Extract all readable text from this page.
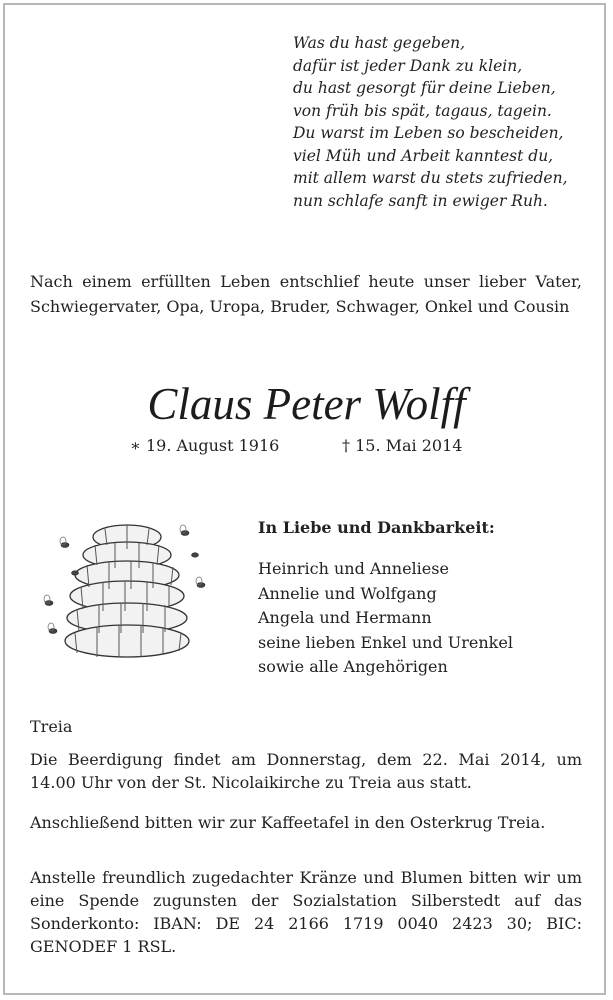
Was du hast gegeben,
dafür ist jeder Dank zu klein,
du hast gesorgt für deine Lieben,
von früh bis spät, tagaus, tagein.
Du warst im Leben so bescheiden,
viel Müh und Arbeit kanntest du,
mit allem warst du stets zufrieden,
nun schlafe sanft in ewiger Ruh.
Nach einem erfüllten Leben entschlief heute unser lieber Vater, Schwiegervater, Opa, Uropa, Bruder, Schwager, Onkel und Cousin
Claus Peter Wolff
∗ 19. August 1916	† 15. Mai 2014
In Liebe und Dankbarkeit:
Heinrich und Anneliese
Annelie und Wolfgang
Angela und Hermann
seine lieben Enkel und Urenkel
sowie alle Angehörigen
Treia
Die Beerdigung findet am Donnerstag, dem 22. Mai 2014, um 14.00 Uhr von der St. Nicolaikirche zu Treia aus statt.
Anschließend bitten wir zur Kaffeetafel in den Osterkrug Treia.
Anstelle freundlich zugedachter Kränze und Blumen bitten wir um eine Spende zugunsten der Sozialstation Silberstedt auf das Sonderkonto: IBAN: DE 24 2166 1719 0040 2423 30; BIC: GENODEF 1 RSL.
